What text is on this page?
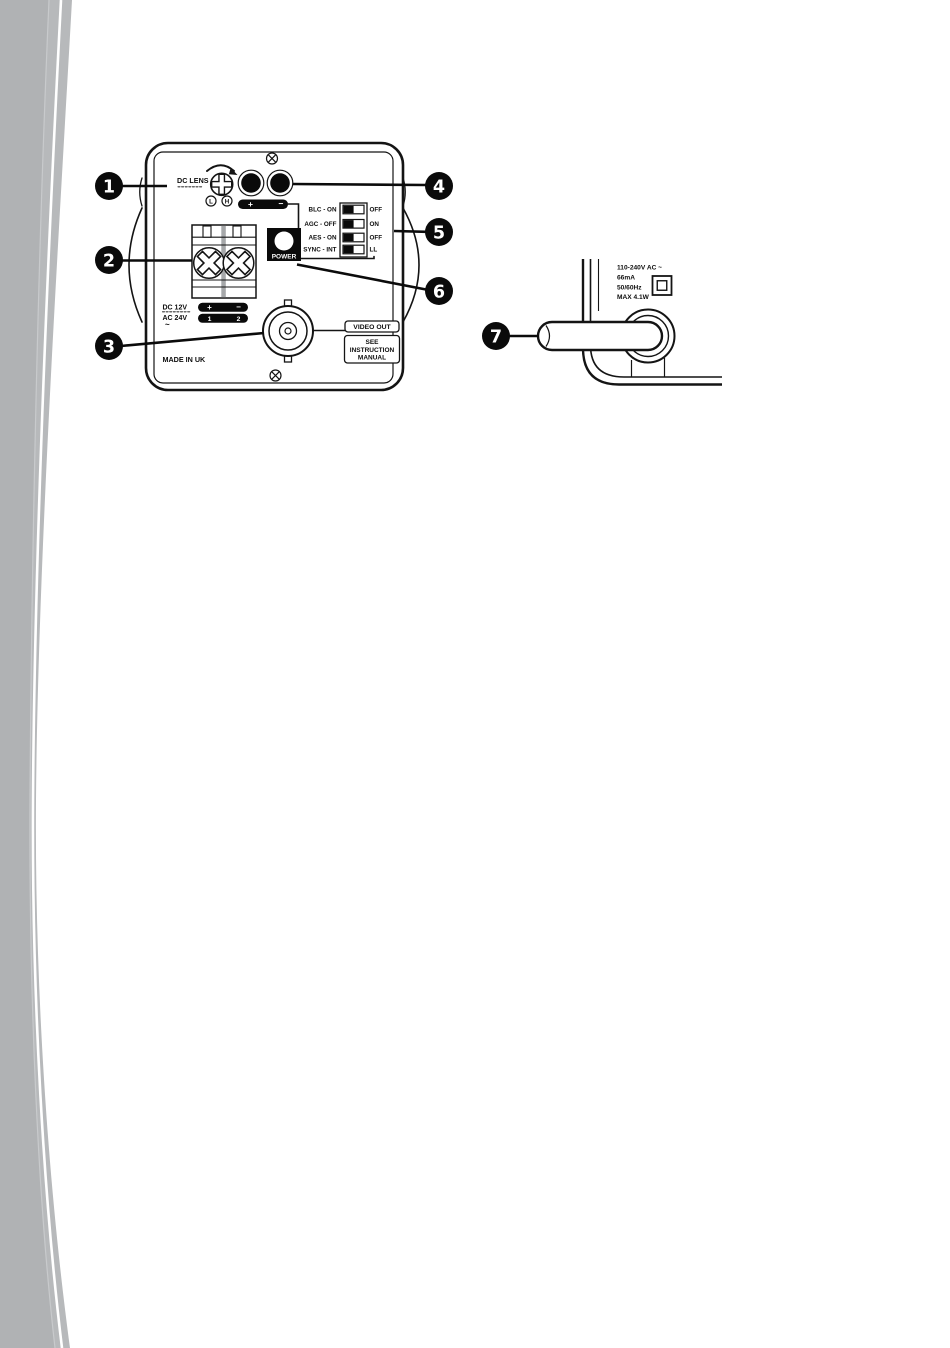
DC LENS
L H +	−
BLC - ON	OFF
AGC - OFF	ON
AES - ON	OFF
SYNC - INT	LL
POWER
DC 12V
AC 24V
~
+	−
1	2
VIDEO OUT
SEE
INSTRUCTION
MANUAL
MADE IN UK
110-240V AC ~
66mA
50/60Hz
MAX 4.1W
1
2
3
4
5
6
7
